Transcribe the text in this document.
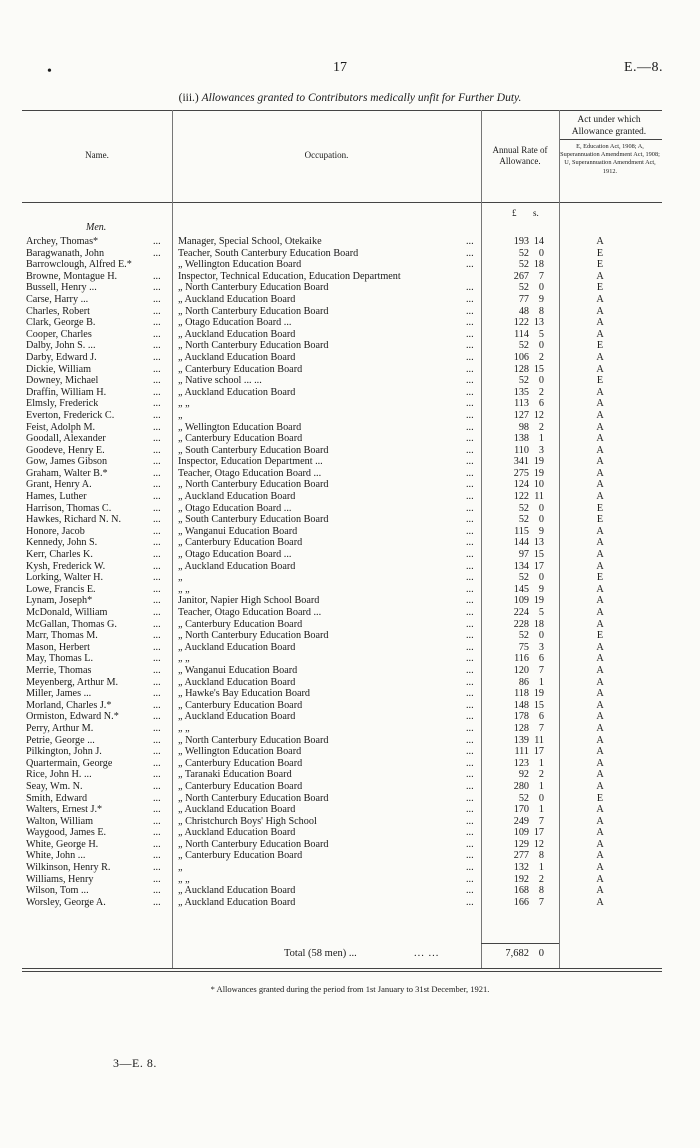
•	17	E.—8.
(iii.) Allowances granted to Contributors medically unfit for Further Duty.
Name.	Occupation.	Annual Rate of
Allowance.
Act under which
Allowance granted.
E, Education Act, 1908; A, Superannuation Amendment Act, 1908; U, Superannuation Amendment Act, 1912.
£ s.
Men.
Archey, Thomas*	... Manager, Special School, Otekaike	...	193 14	A
Baragwanath, John	... Teacher, South Canterbury Education Board	...	52 0	E
Barrowclough, Alfred E.*	„ Wellington Education Board	...	52 18	E
Browne, Montague H.	... Inspector, Technical Education, Education Department	267 7	A
Bussell, Henry ...	... „ North Canterbury Education Board	...	52 0	E
Carse, Harry ...	... „ Auckland Education Board	...	77 9	A
Charles, Robert	... „ North Canterbury Education Board	...	48 8	A
Clark, George B.	... „ Otago Education Board ...	...	122 13	A
Cooper, Charles	... „ Auckland Education Board	...	114 5	A
Dalby, John S. ...	... „ North Canterbury Education Board	...	52 0	E
Darby, Edward J.	... „ Auckland Education Board	...	106 2	A
Dickie, William	... „ Canterbury Education Board	...	128 15	A
Downey, Michael	... „ Native school ... ...	...	52 0	E
Draffin, William H.	... „ Auckland Education Board	...	135 2	A
Elmsly, Frederick	... „ „	...	113 6	A
Everton, Frederick C.	... „	...	127 12	A
Feist, Adolph M.	... „ Wellington Education Board	...	98 2	A
Goodall, Alexander	... „ Canterbury Education Board	...	138 1	A
Goodeve, Henry E.	... „ South Canterbury Education Board	...	110 3	A
Gow, James Gibson	... Inspector, Education Department ...	...	341 19	A
Graham, Walter B.*	... Teacher, Otago Education Board ...	...	275 19	A
Grant, Henry A.	... „ North Canterbury Education Board	...	124 10	A
Hames, Luther	... „ Auckland Education Board	...	122 11	A
Harrison, Thomas C.	... „ Otago Education Board ...	...	52 0	E
Hawkes, Richard N. N.	... „ South Canterbury Education Board	...	52 0	E
Honore, Jacob	... „ Wanganui Education Board	...	115 9	A
Kennedy, John S.	... „ Canterbury Education Board	...	144 13	A
Kerr, Charles K.	... „ Otago Education Board ...	...	97 15	A
Kysh, Frederick W.	... „ Auckland Education Board	...	134 17	A
Lorking, Walter H.	... „	...	52 0	E
Lowe, Francis E.	... „ „	...	145 9	A
Lynam, Joseph*	... Janitor, Napier High School Board	...	109 19	A
McDonald, William	... Teacher, Otago Education Board ...	...	224 5	A
McGallan, Thomas G.	... „ Canterbury Education Board	...	228 18	A
Marr, Thomas M.	... „ North Canterbury Education Board	...	52 0	E
Mason, Herbert	... „ Auckland Education Board	...	75 3	A
May, Thomas L.	... „ „	...	116 6	A
Merrie, Thomas	... „ Wanganui Education Board	...	120 7	A
Meyenberg, Arthur M.	... „ Auckland Education Board	...	86 1	A
Miller, James ...	... „ Hawke's Bay Education Board	...	118 19	A
Morland, Charles J.*	... „ Canterbury Education Board	...	148 15	A
Ormiston, Edward N.*	... „ Auckland Education Board	...	178 6	A
Perry, Arthur M.	... „ „	...	128 7	A
Petrie, George ...	... „ North Canterbury Education Board	...	139 11	A
Pilkington, John J.	... „ Wellington Education Board	...	111 17	A
Quartermain, George	... „ Canterbury Education Board	...	123 1	A
Rice, John H. ...	... „ Taranaki Education Board	...	92 2	A
Seay, Wm. N.	... „ Canterbury Education Board	...	280 1	A
Smith, Edward	... „ North Canterbury Education Board	...	52 0	E
Walters, Ernest J.*	... „ Auckland Education Board	...	170 1	A
Walton, William	... „ Christchurch Boys' High School	...	249 7	A
Waygood, James E.	... „ Auckland Education Board	...	109 17	A
White, George H.	... „ North Canterbury Education Board	...	129 12	A
White, John ...	... „ Canterbury Education Board	...	277 8	A
Wilkinson, Henry R.	... „	...	132 1	A
Williams, Henry	... „ „	...	192 2	A
Wilson, Tom ...	... „ Auckland Education Board	...	168 8	A
Worsley, George A.	... „ Auckland Education Board	...	166 7	A
Total (58 men) ...	... ...	7,682 0
* Allowances granted during the period from 1st January to 31st December, 1921.
3—E. 8.
